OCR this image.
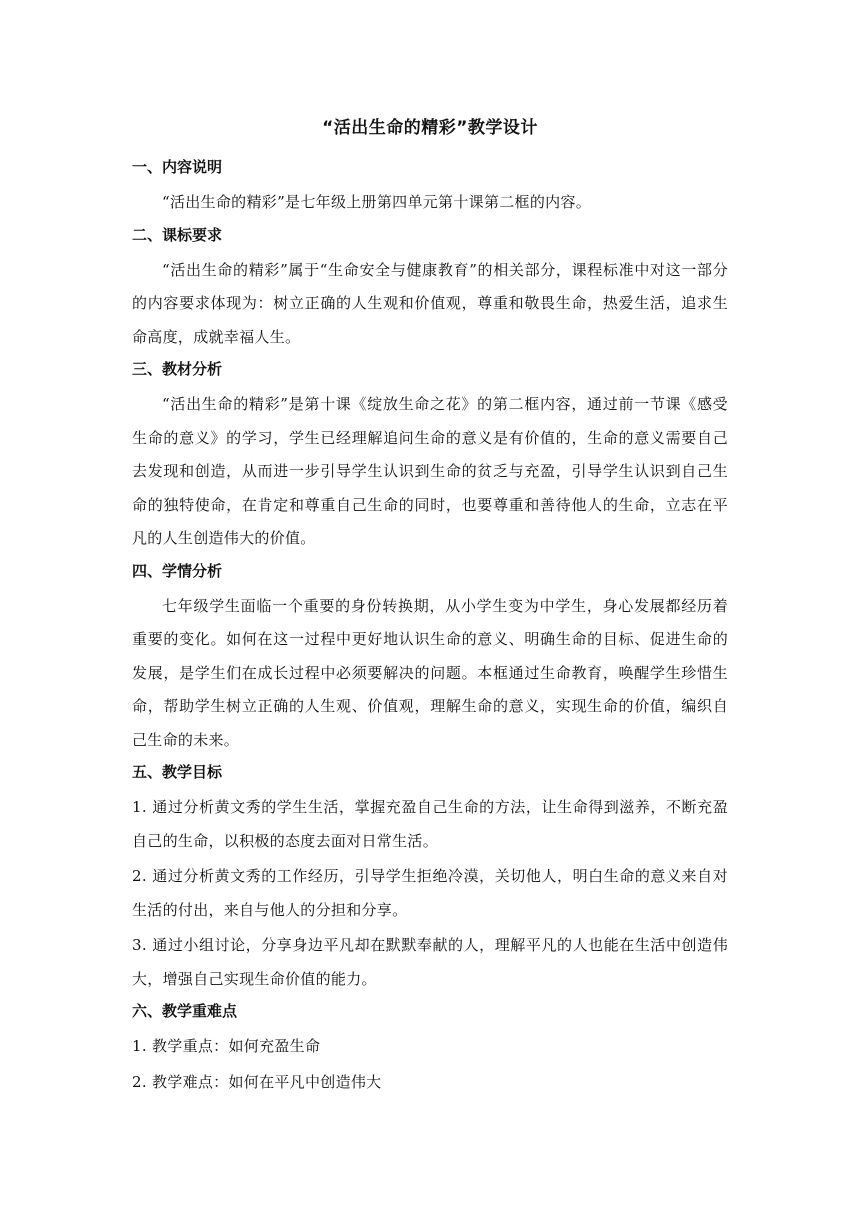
“活出生命的精彩”教学设计
一、内容说明

“活出生命的精彩”是七年级上册第四单元第十课第二框的内容。

二、课标要求

“活出生命的精彩”属于“生命安全与健康教育”的相关部分，课程标准中对这一部分的内容要求体现为：树立正确的人生观和价值观，尊重和敬畏生命，热爱生活，追求生命高度，成就幸福人生。

三、教材分析

“活出生命的精彩”是第十课《绽放生命之花》的第二框内容，通过前一节课《感受生命的意义》的学习，学生已经理解追问生命的意义是有价值的，生命的意义需要自己去发现和创造，从而进一步引导学生认识到生命的贫乏与充盈，引导学生认识到自己生命的独特使命，在肯定和尊重自己生命的同时，也要尊重和善待他人的生命，立志在平凡的人生创造伟大的价值。

四、学情分析

七年级学生面临一个重要的身份转换期，从小学生变为中学生，身心发展都经历着重要的变化。如何在这一过程中更好地认识生命的意义、明确生命的目标、促进生命的发展，是学生们在成长过程中必须要解决的问题。本框通过生命教育，唤醒学生珍惜生命，帮助学生树立正确的人生观、价值观，理解生命的意义，实现生命的价值，编织自己生命的未来。

五、教学目标

1. 通过分析黄文秀的学生生活，掌握充盈自己生命的方法，让生命得到滋养，不断充盈自己的生命，以积极的态度去面对日常生活。

2. 通过分析黄文秀的工作经历，引导学生拒绝冷漠，关切他人，明白生命的意义来自对生活的付出，来自与他人的分担和分享。

3. 通过小组讨论，分享身边平凡却在默默奉献的人，理解平凡的人也能在生活中创造伟大，增强自己实现生命价值的能力。

六、教学重难点

1. 教学重点：如何充盈生命

2. 教学难点：如何在平凡中创造伟大
